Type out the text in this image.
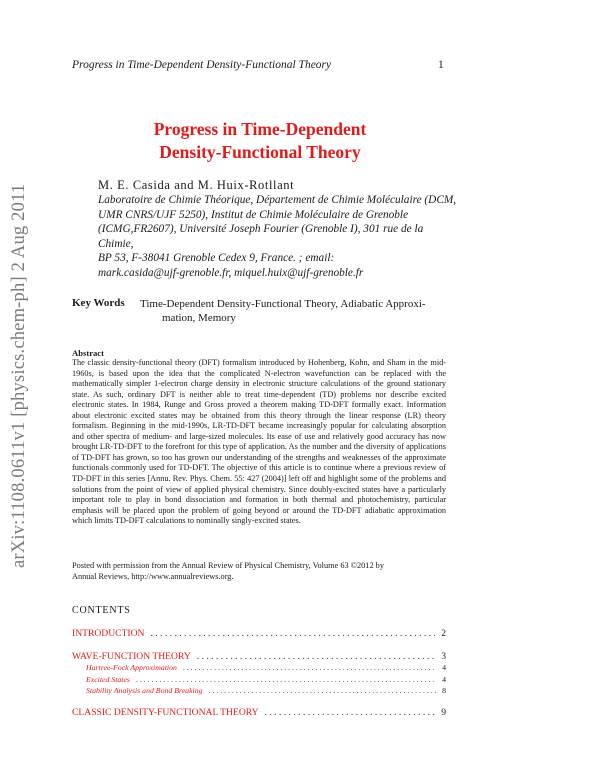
Progress in Time-Dependent Density-Functional Theory	1
arXiv:1108.0611v1 [physics.chem-ph] 2 Aug 2011
Progress in Time-Dependent
Density-Functional Theory
M. E. Casida and M. Huix-Rotllant
Laboratoire de Chimie Théorique, Département de Chimie Moléculaire (DCM,
UMR CNRS/UJF 5250), Institut de Chimie Moléculaire de Grenoble
(ICMG,FR2607), Université Joseph Fourier (Grenoble I), 301 rue de la Chimie,
BP 53, F-38041 Grenoble Cedex 9, France. ; email:
mark.casida@ujf-grenoble.fr, miquel.huix@ujf-grenoble.fr
Key Words Time-Dependent Density-Functional Theory, Adiabatic Approxi-
mation, Memory
Abstract
The classic density-functional theory (DFT) formalism introduced by Hohenberg, Kohn, and Sham in the mid-1960s, is based upon the idea that the complicated N-electron wavefunction can be replaced with the mathematically simpler 1-electron charge density in electronic structure calculations of the ground stationary state. As such, ordinary DFT is neither able to treat time-dependent (TD) problems nor describe excited electronic states. In 1984, Runge and Gross proved a theorem making TD-DFT formally exact. Information about electronic excited states may be obtained from this theory through the linear response (LR) theory formalism. Beginning in the mid-1990s, LR-TD-DFT became increasingly popular for calculating absorption and other spectra of medium- and large-sized molecules. Its ease of use and relatively good accuracy has now brought LR-TD-DFT to the forefront for this type of application. As the number and the diversity of applications of TD-DFT has grown, so too has grown our understanding of the strengths and weaknesses of the approximate functionals commonly used for TD-DFT. The objective of this article is to continue where a previous review of TD-DFT in this series [Annu. Rev. Phys. Chem. 55: 427 (2004)] left off and highlight some of the problems and solutions from the point of view of applied physical chemistry. Since doubly-excited states have a particularly important role to play in bond dissociation and formation in both thermal and photochemistry, particular emphasis will be placed upon the problem of going beyond or around the TD-DFT adiabatic approximation which limits TD-DFT calculations to nominally singly-excited states.
Posted with permission from the Annual Review of Physical Chemistry, Volume 63 ©2012 by
Annual Reviews, http://www.annualreviews.org.
CONTENTS
INTRODUCTION . . .	2
WAVE-FUNCTION THEORY . . .	3
Hartree-Fock Approximation . . .	4
Excited States . . .	4
Stability Analysis and Bond Breaking . . .	8
CLASSIC DENSITY-FUNCTIONAL THEORY . . .	9
